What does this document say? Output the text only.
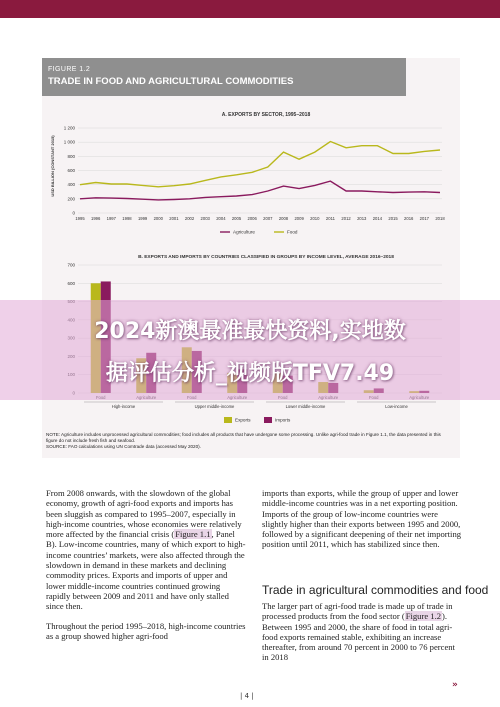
FIGURE 1.2
TRADE IN FOOD AND AGRICULTURAL COMMODITIES
A. EXPORTS BY SECTOR, 1995–2018
USD BILLION (CONSTANT 2015)
0
200
400
600
800
1 000
1 200
1995 1996 1997 1998 1999 2000 2001 2002 2003 2004 2005 2006 2007 2008 2009 2010 2011 2012 2013 2014 2015 2016 2017 2018
Agriculture	Food
B. EXPORTS AND IMPORTS BY COUNTRIES CLASSIFIED IN GROUPS BY INCOME LEVEL, AVERAGE 2016–2018
600
700
High-income	Upper middle-income	Lower middle-income	Low-income
Exports	Imports
NOTE: Agriculture includes unprocessed agricultural commodities; food includes all products that have undergone some processing. Unlike agri-food trade in Figure 1.1, the data presented in this figure do not include fresh fish and seafood.
SOURCE: FAO calculations using UN Comtrade data (accessed May 2020).

From 2008 onwards, with the slowdown of the global economy, growth of agri-food exports and imports has been sluggish as compared to 1995–2007, especially in high-income countries, whose economies were relatively more affected by the financial crisis (Figure 1.1, Panel B). Low-income countries, many of which export to high-income countries’ markets, were also affected through the slowdown in demand in these markets and declining commodity prices. Exports and imports of upper and lower middle-income countries continued growing rapidly between 2009 and 2011 and have only stalled since then.

Throughout the period 1995–2018, high-income countries as a group showed higher agri-food

imports than exports, while the group of upper and lower middle-income countries was in a net exporting position. Imports of the group of low-income countries were slightly higher than their exports between 1995 and 2000, followed by a significant deepening of their net importing position until 2011, which has stabilized since then.

Trade in agricultural commodities and food

The larger part of agri-food trade is made up of trade in processed products from the food sector (Figure 1.2). Between 1995 and 2000, the share of food in total agri-food exports remained stable, exhibiting an increase thereafter, from around 70 percent in 2000 to 76 percent in 2018

»
| 4 |
2024新澳最准最快资料,实地数
据评估分析_视频版TFV7.49
